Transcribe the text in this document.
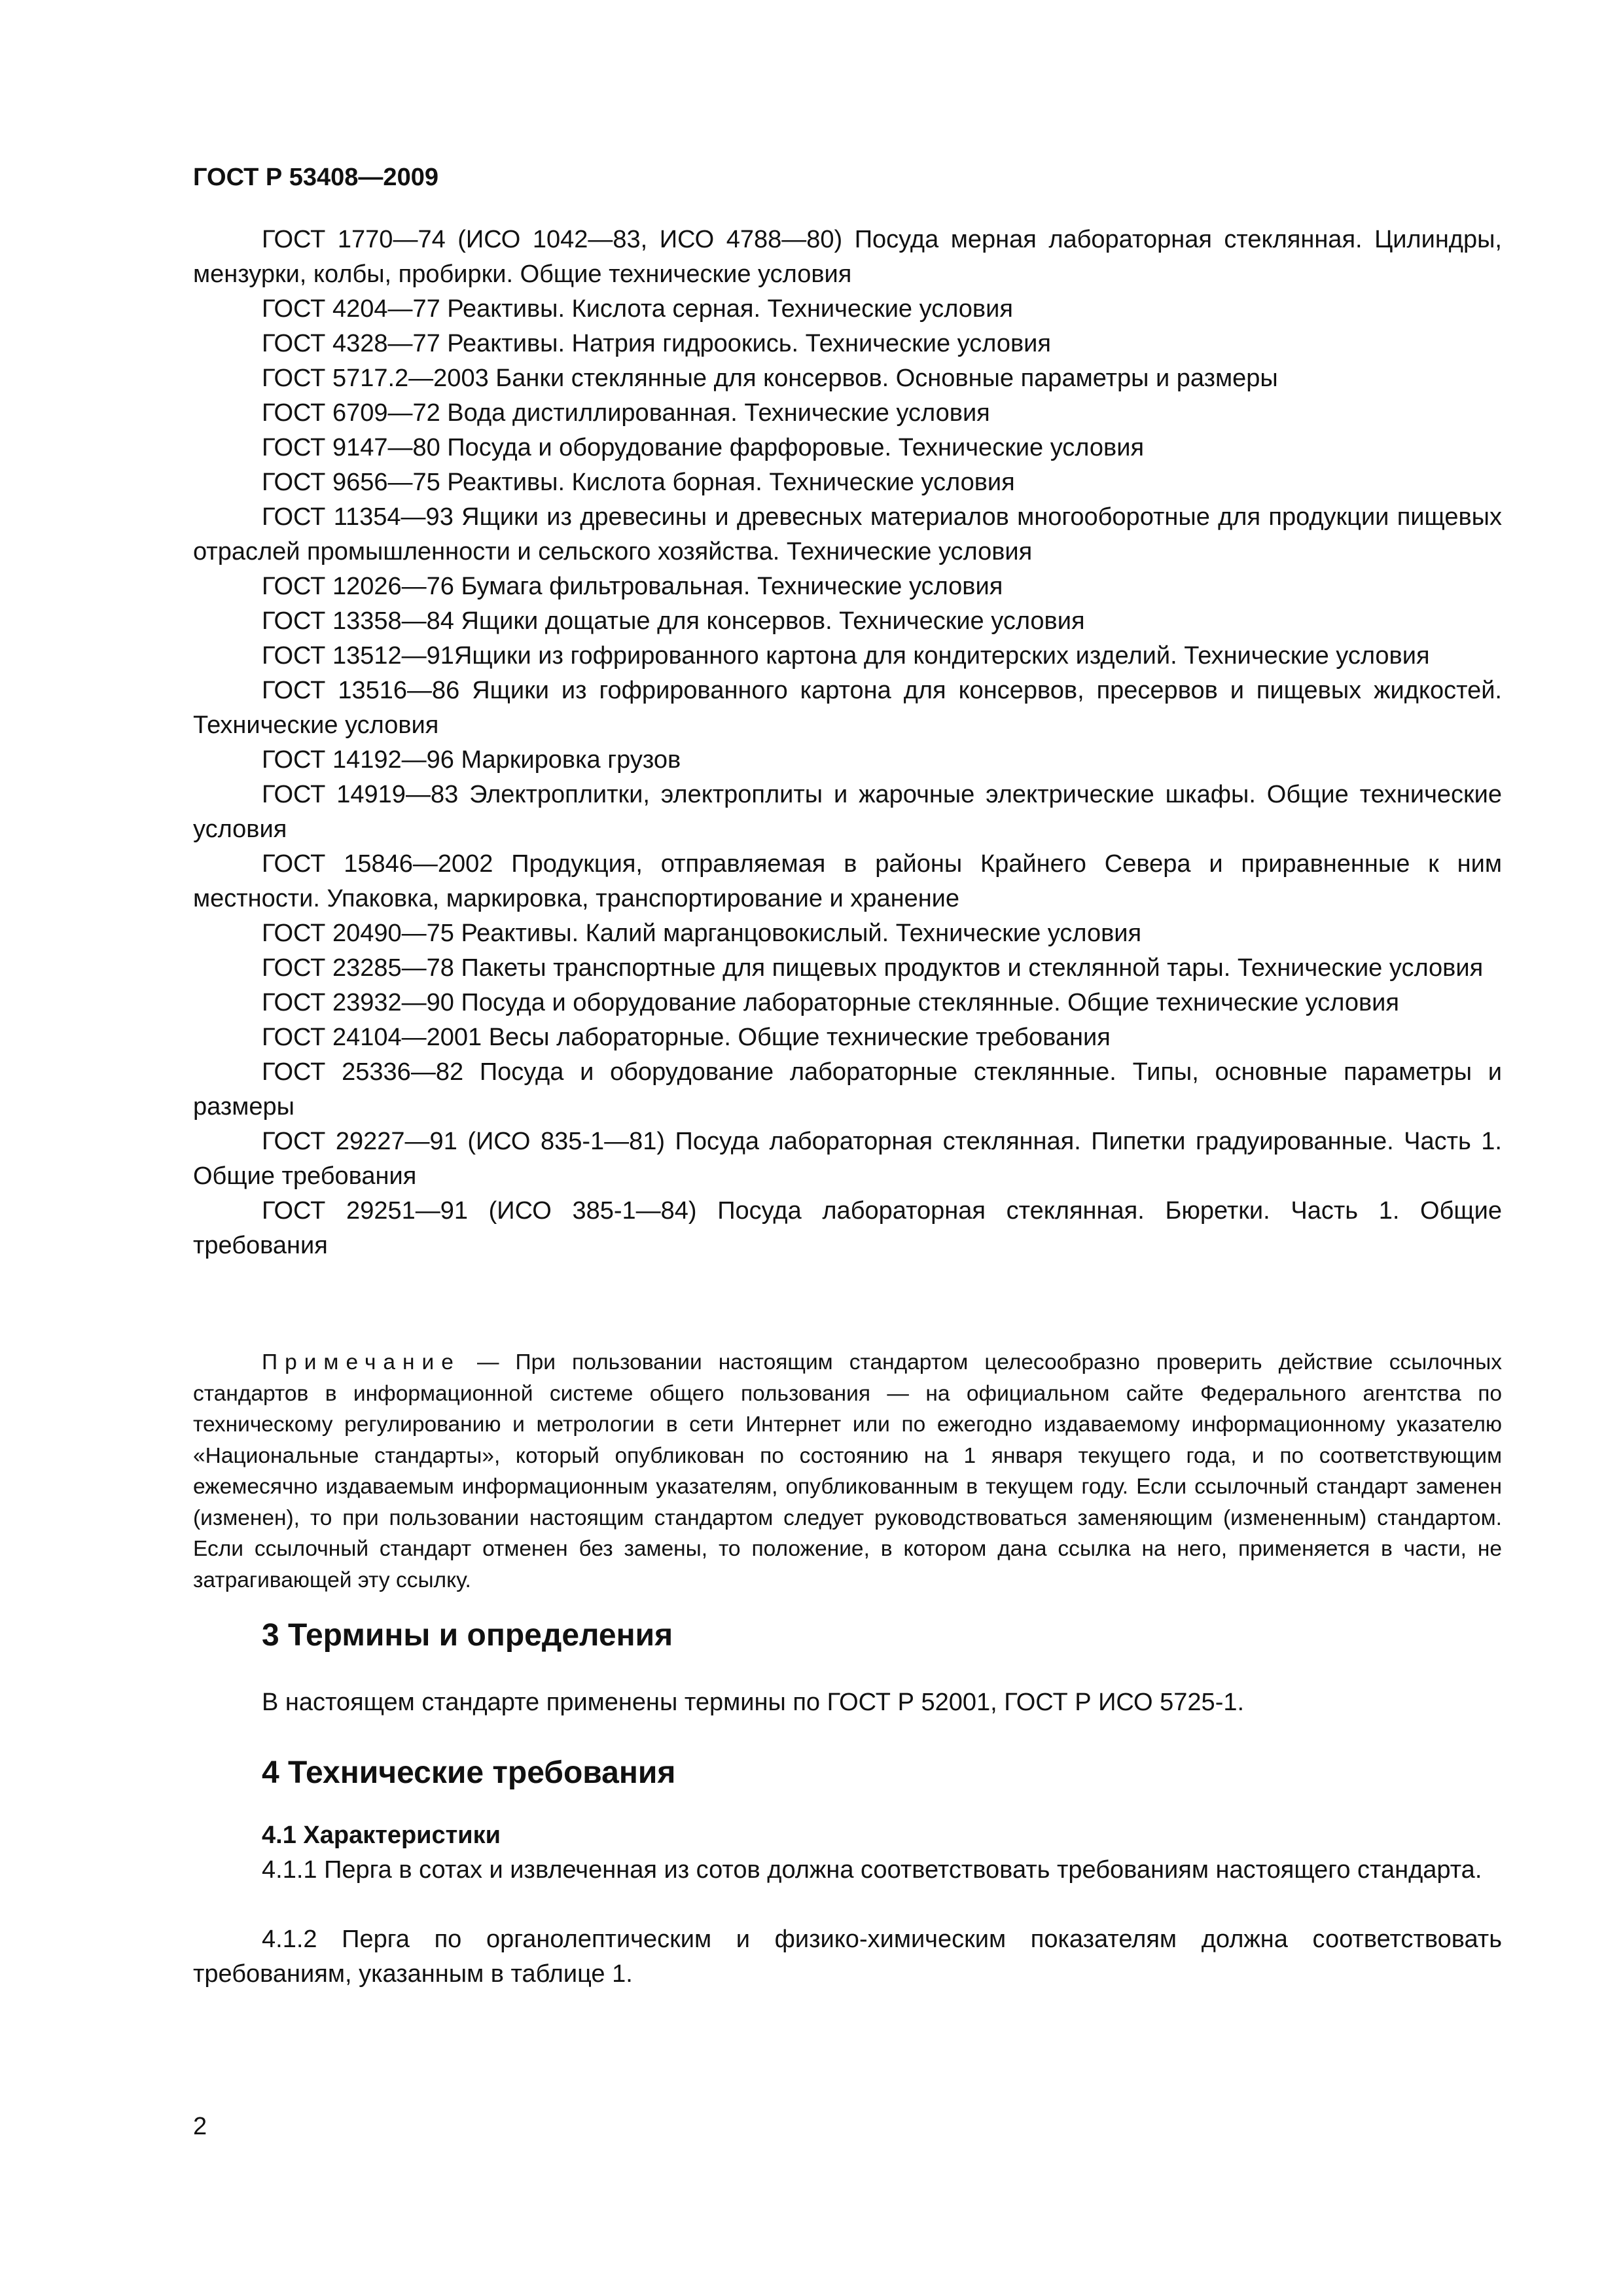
ГОСТ Р 53408—2009

ГОСТ 1770—74 (ИСО 1042—83, ИСО 4788—80) Посуда мерная лабораторная стеклянная. Цилиндры, мензурки, колбы, пробирки. Общие технические условия

ГОСТ 4204—77 Реактивы. Кислота серная. Технические условия

ГОСТ 4328—77 Реактивы. Натрия гидроокись. Технические условия

ГОСТ 5717.2—2003 Банки стеклянные для консервов. Основные параметры и размеры

ГОСТ 6709—72 Вода дистиллированная. Технические условия

ГОСТ 9147—80 Посуда и оборудование фарфоровые. Технические условия

ГОСТ 9656—75 Реактивы. Кислота борная. Технические условия

ГОСТ 11354—93 Ящики из древесины и древесных материалов многооборотные для продукции пищевых отраслей промышленности и сельского хозяйства. Технические условия

ГОСТ 12026—76 Бумага фильтровальная. Технические условия

ГОСТ 13358—84 Ящики дощатые для консервов. Технические условия

ГОСТ 13512—91Ящики из гофрированного картона для кондитерских изделий. Технические условия

ГОСТ 13516—86 Ящики из гофрированного картона для консервов, пресервов и пищевых жидкостей. Технические условия

ГОСТ 14192—96 Маркировка грузов

ГОСТ 14919—83 Электроплитки, электроплиты и жарочные электрические шкафы. Общие технические условия

ГОСТ 15846—2002 Продукция, отправляемая в районы Крайнего Севера и приравненные к ним местности. Упаковка, маркировка, транспортирование и хранение

ГОСТ 20490—75 Реактивы. Калий марганцовокислый. Технические условия

ГОСТ 23285—78 Пакеты транспортные для пищевых продуктов и стеклянной тары. Технические условия

ГОСТ 23932—90 Посуда и оборудование лабораторные стеклянные. Общие технические условия

ГОСТ 24104—2001 Весы лабораторные. Общие технические требования

ГОСТ 25336—82 Посуда и оборудование лабораторные стеклянные. Типы, основные параметры и размеры

ГОСТ 29227—91 (ИСО 835-1—81) Посуда лабораторная стеклянная. Пипетки градуированные. Часть 1. Общие требования

ГОСТ 29251—91 (ИСО 385-1—84) Посуда лабораторная стеклянная. Бюретки. Часть 1. Общие требования

Примечание — При пользовании настоящим стандартом целесообразно проверить действие ссылочных стандартов в информационной системе общего пользования — на официальном сайте Федерального агентства по техническому регулированию и метрологии в сети Интернет или по ежегодно издаваемому информационному указателю «Национальные стандарты», который опубликован по состоянию на 1 января текущего года, и по соответствующим ежемесячно издаваемым информационным указателям, опубликованным в текущем году. Если ссылочный стандарт заменен (изменен), то при пользовании настоящим стандартом следует руководствоваться заменяющим (измененным) стандартом. Если ссылочный стандарт отменен без замены, то положение, в котором дана ссылка на него, применяется в части, не затрагивающей эту ссылку.
3 Термины и определения
В настоящем стандарте применены термины по ГОСТ Р 52001, ГОСТ Р ИСО 5725-1.
4 Технические требования
4.1 Характеристики

4.1.1 Перга в сотах и извлеченная из сотов должна соответствовать требованиям настоящего стандарта.

4.1.2 Перга по органолептическим и физико-химическим показателям должна соответствовать требованиям, указанным в таблице 1.

2
